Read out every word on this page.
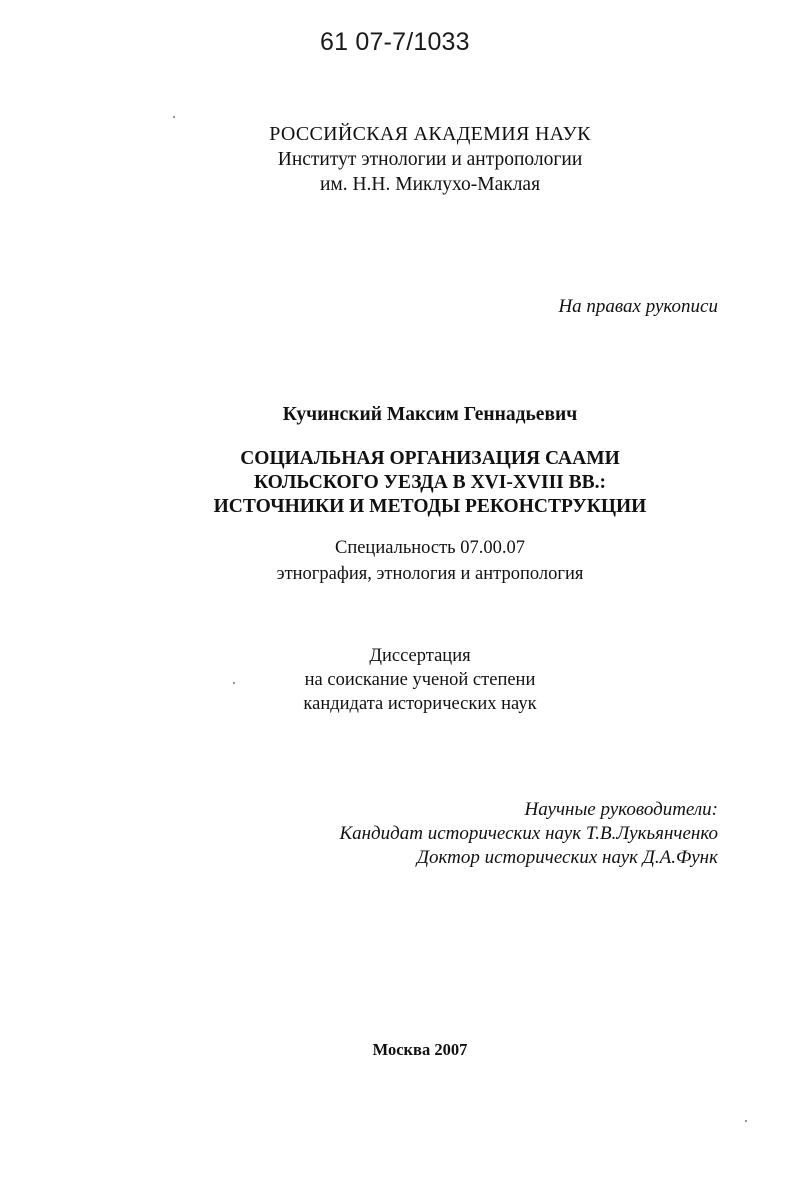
61 07-7/1033
РОССИЙСКАЯ АКАДЕМИЯ НАУК
Институт этнологии и антропологии
им. Н.Н. Миклухо-Маклая
На правах рукописи
Кучинский Максим Геннадьевич
СОЦИАЛЬНАЯ ОРГАНИЗАЦИЯ СААМИ
КОЛЬСКОГО УЕЗДА В XVI-XVIII ВВ.:
ИСТОЧНИКИ И МЕТОДЫ РЕКОНСТРУКЦИИ
Специальность 07.00.07
этнография, этнология и антропология
Диссертация
на соискание ученой степени
кандидата исторических наук
Научные руководители:
Кандидат исторических наук Т.В.Лукьянченко
Доктор исторических наук Д.А.Функ
Москва 2007
